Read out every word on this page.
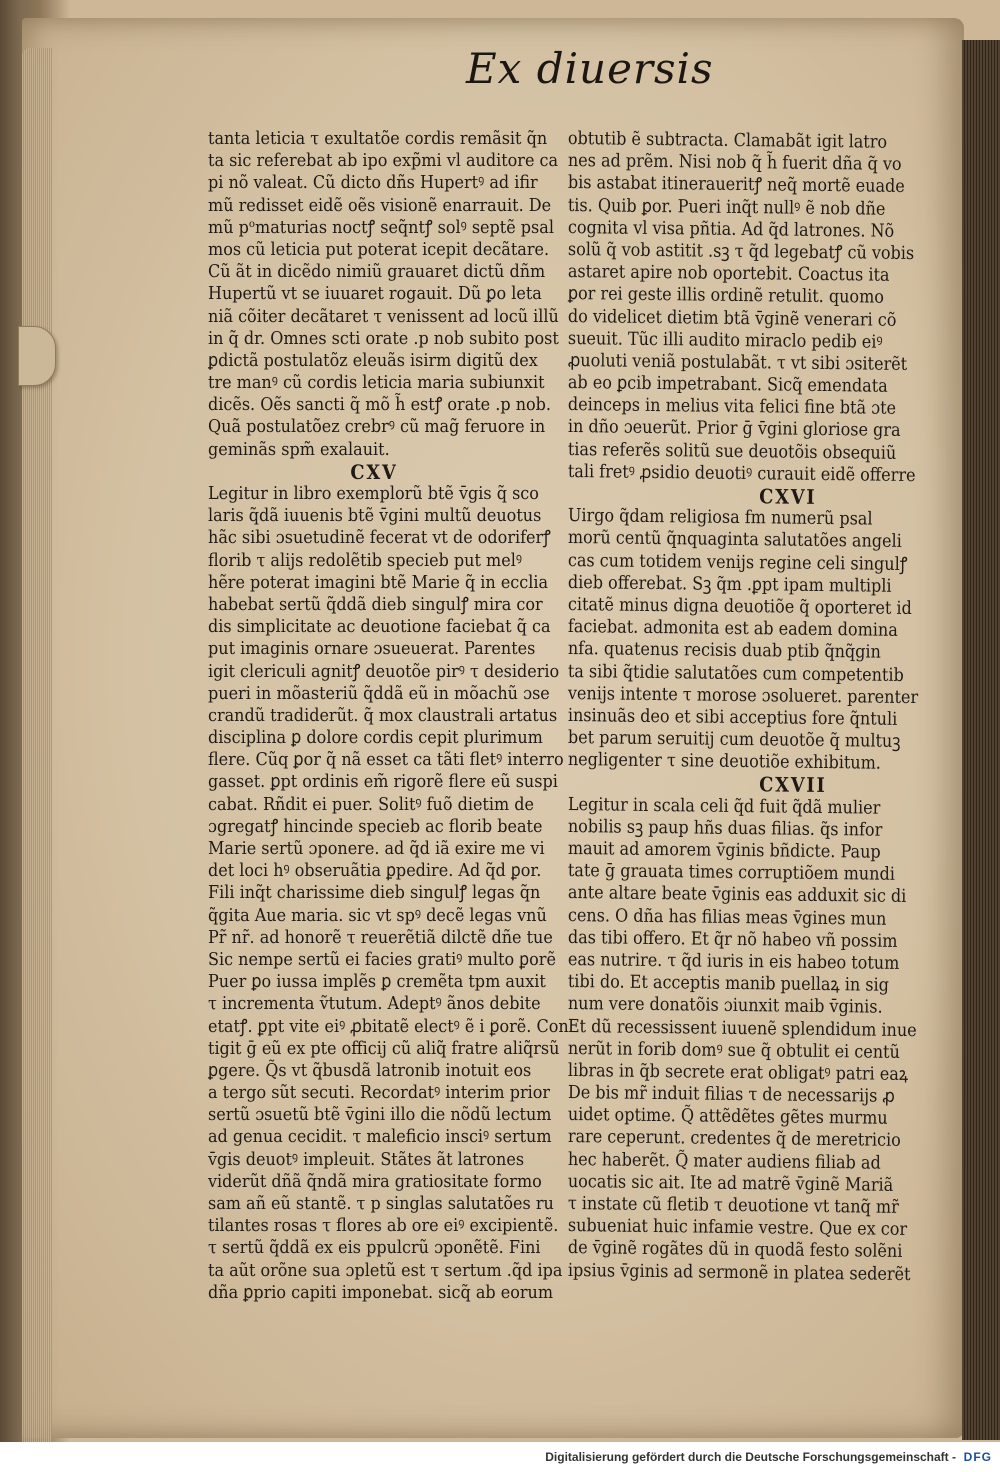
Ex diuersis
tanta leticia τ exultatõe cordis remãsit q̃n
ta sic referebat ab ipo exp̃mi vl auditore ca
pi nõ valeat. Cũ dicto dñs Hupertꝰ ad ifir
mũ redisset eidẽ oẽs visionẽ enarrauit. De
mũ pᵒmaturias noctꝭ seq̃ntꝭ solꝰ septẽ psal
mos cũ leticia put poterat icepit decãtare.
Cũ ãt in dicẽdo nimiũ grauaret dictũ dñm
Hupertũ vt se iuuaret rogauit. Dũ ꝑo leta
niã cõiter decãtaret τ venissent ad locũ illũ
in q̃ dr. Omnes scti orate .p nob subito post
ꝑdictã postulatõz eleuãs isirm digitũ dex
tre manꝰ cũ cordis leticia maria subiunxit
dicẽs. Oẽs sancti q̃ mõ h̃ estꝭ orate .p nob.
Quã postulatõez crebrꝰ cũ mag̃ feruore in
geminãs spm̃ exalauit.
CXV
Legitur in libro exemplorũ btẽ v̄gis q̃ sco
laris q̃dã iuuenis btẽ v̄gini multũ deuotus
hãc sibi ɔsuetudinẽ fecerat vt de odoriferꝭ
florib τ alijs redolẽtib specieb put melꝰ
hẽre poterat imagini btẽ Marie q̃ in ecclia
habebat sertũ q̃ddã dieb singulꝭ mira cor
dis simplicitate ac deuotione faciebat q̃ ca
put imaginis ornare ɔsueuerat. Parentes
igit clericuli agnitꝭ deuotõe pirꝰ τ desiderio
pueri in mõasteriũ q̃ddã eũ in mõachũ ɔse
crandũ tradiderũt. q̃ mox claustrali artatus
disciplina ꝑ dolore cordis cepit plurimum
flere. Cũq ꝑor q̃ nã esset ca tãti fletꝰ interro
gasset. ꝑpt ordinis em̃ rigorẽ flere eũ suspi
cabat. Rñdit ei puer. Solitꝰ fuõ dietim de
ɔgregatꝭ hincinde specieb ac florib beate
Marie sertũ ɔponere. ad q̃d iã exire me vi
det loci hꝰ obseruãtia ꝑpedire. Ad q̃d ꝑor.
Fili inq̃t charissime dieb singulꝭ legas q̃n
q̃gita Aue maria. sic vt spꝰ decẽ legas vnũ
Pr̃ nr̃. ad honorẽ τ reuerẽtiã dilctẽ dñe tue
Sic nempe sertũ ei facies gratiꝰ multo ꝑorẽ
Puer ꝑo iussa implẽs ꝑ cremẽta tpm auxit
τ incrementa ṽtutum. Adeptꝰ ãnos debite
etatꝭ. ꝑpt vite eiꝰ ꝓbitatẽ electꝰ ẽ i ꝑorẽ. Con
tigit ḡ eũ ex pte officij cũ aliq̃ fratre aliq̃rsũ
ꝑgere. Q̃s vt q̃busdã latronib inotuit eos
a tergo sũt secuti. Recordatꝰ interim prior
sertũ ɔsuetũ btẽ v̄gini illo die nõdũ lectum
ad genua cecidit. τ maleficio insciꝰ sertum
v̄gis deuotꝰ impleuit. Stãtes ãt latrones
viderũt dñã q̃ndã mira gratiositate formo
sam añ eũ stantẽ. τ p singlas salutatões ru
tilantes rosas τ flores ab ore eiꝰ excipientẽ.
τ sertũ q̃ddã ex eis ppulcrũ ɔponẽtẽ. Fini
ta aũt orõne sua ɔpletũ est τ sertum .q̃d ipa
dña ꝑprio capiti imponebat. sicq̃ ab eorum
obtutib ẽ subtracta. Clamabãt igit latro
nes ad prẽm. Nisi nob q̃ h̃ fuerit dña q̃ vo
bis astabat itineraueritꝭ neq̃ mortẽ euade
tis. Quib ꝑor. Pueri inq̃t nullꝰ ẽ nob dñe
cognita vl visa pñtia. Ad q̃d latrones. Nõ
solũ q̃ vob astitit .sꝫ τ q̃d legebatꝭ cũ vobis
astaret apire nob oportebit. Coactus ita
ꝑor rei geste illis ordinẽ retulit. quomo
do videlicet dietim btã v̄ginẽ venerari cõ
sueuit. Tũc illi audito miraclo pedib eiꝰ
ꝓuoluti veniã postulabãt. τ vt sibi ɔsiterẽt
ab eo ꝑcib impetrabant. Sicq̃ emendata
deinceps in melius vita felici fine btã ɔte
in dño ɔeuerũt. Prior ḡ v̄gini gloriose gra
tias referẽs solitũ sue deuotõis obsequiũ
tali fretꝰ ꝓsidio deuotiꝰ curauit eidẽ offerre
CXVI
Uirgo q̃dam religiosa fm numerũ psal
morũ centũ q̃nquaginta salutatões angeli
cas cum totidem venijs regine celi singulꝭ
dieb offerebat. Sꝫ q̃m .ꝑpt ipam multipli
citatẽ minus digna deuotiõe q̃ oporteret id
faciebat. admonita est ab eadem domina
nfa. quatenus recisis duab ptib q̃nq̃gin
ta sibi q̃tidie salutatões cum competentib
venijs intente τ morose ɔsolueret. parenter
insinuãs deo et sibi acceptius fore q̃ntuli
bet parum seruitij cum deuotõe q̃ multuꝫ
negligenter τ sine deuotiõe exhibitum.
CXVII
Legitur in scala celi q̃d fuit q̃dã mulier
nobilis sꝫ paup hñs duas filias. q̃s infor
mauit ad amorem v̄ginis bñdicte. Paup
tate ḡ grauata times corruptiõem mundi
ante altare beate v̄ginis eas adduxit sic di
cens. O dña has filias meas v̄gines mun
das tibi offero. Et q̃r nõ habeo vñ possim
eas nutrire. τ q̃d iuris in eis habeo totum
tibi do. Et acceptis manib puellaꝝ in sig
num vere donatõis ɔiunxit maib v̄ginis.
Et dũ recessissent iuuenẽ splendidum inue
nerũt in forib domꝰ sue q̃ obtulit ei centũ
libras in q̃b secrete erat obligatꝰ patri eaꝝ
De bis mr̃ induit filias τ de necessarijs ꝓ
uidet optime. Q̃ attẽdẽtes gẽtes murmu
rare ceperunt. credentes q̃ de meretricio
hec haberẽt. Q̃ mater audiens filiab ad
uocatis sic ait. Ite ad matrẽ v̄ginẽ Mariã
τ instate cũ fletib τ deuotione vt tanq̃ mr̃
subueniat huic infamie vestre. Que ex cor
de v̄ginẽ rogãtes dũ in quodã festo solẽni
ipsius v̄ginis ad sermonẽ in platea sederẽt
Digitalisierung gefördert durch die Deutsche Forschungsgemeinschaft - DFG
